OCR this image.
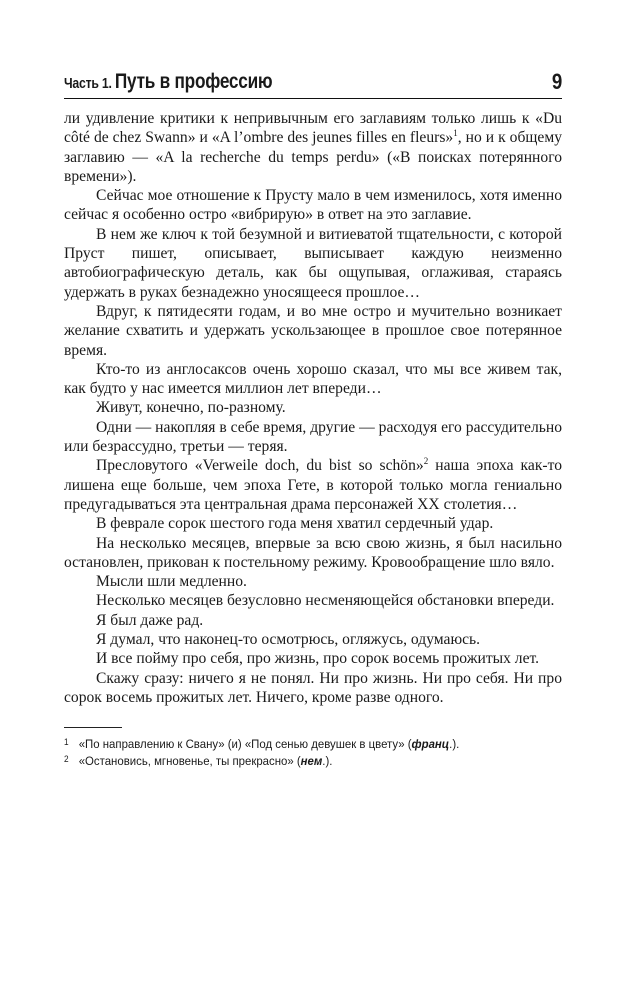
Часть 1. Путь в профессию	9

ли удивление критики к непривычным его заглавиям только лишь к «Du côté de chez Swann» и «A l’ombre des jeunes filles en fleurs»$^1$, но и к общему заглавию — «A la recherche du temps perdu» («В поисках потерянного времени»).

Сейчас мое отношение к Прусту мало в чем изменилось, хотя именно сейчас я особенно остро «вибрирую» в ответ на это заглавие.

В нем же ключ к той безумной и витиеватой тщательности, с которой Пруст пишет, описывает, выписывает каждую неизменно автобиографическую деталь, как бы ощупывая, оглаживая, стараясь удержать в руках безнадежно уносящееся прошлое…

Вдруг, к пятидесяти годам, и во мне остро и мучительно возникает желание схватить и удержать ускользающее в прошлое свое потерянное время.

Кто-то из англосаксов очень хорошо сказал, что мы все живем так, как будто у нас имеется миллион лет впереди…

Живут, конечно, по-разному.

Одни — накопляя в себе время, другие — расходуя его рассудительно или безрассудно, третьи — теряя.

Пресловутого «Verweile doch, du bist so schön»$^2$ наша эпоха как-то лишена еще больше, чем эпоха Гете, в которой только могла гениально предугадываться эта центральная драма персонажей XX столетия…

В феврале сорок шестого года меня хватил сердечный удар.

На несколько месяцев, впервые за всю свою жизнь, я был насильно остановлен, прикован к постельному режиму. Кровообращение шло вяло.

Мысли шли медленно.

Несколько месяцев безусловно несменяющейся обстановки впереди.

Я был даже рад.

Я думал, что наконец-то осмотрюсь, огляжусь, одумаюсь.

И все пойму про себя, про жизнь, про сорок восемь прожитых лет.

Скажу сразу: ничего я не понял. Ни про жизнь. Ни про себя. Ни про сорок восемь прожитых лет. Ничего, кроме разве одного.

1 «По направлению к Свану» (и) «Под сенью девушек в цвету» (франц.).

2 «Остановись, мгновенье, ты прекрасно» (нем.).
